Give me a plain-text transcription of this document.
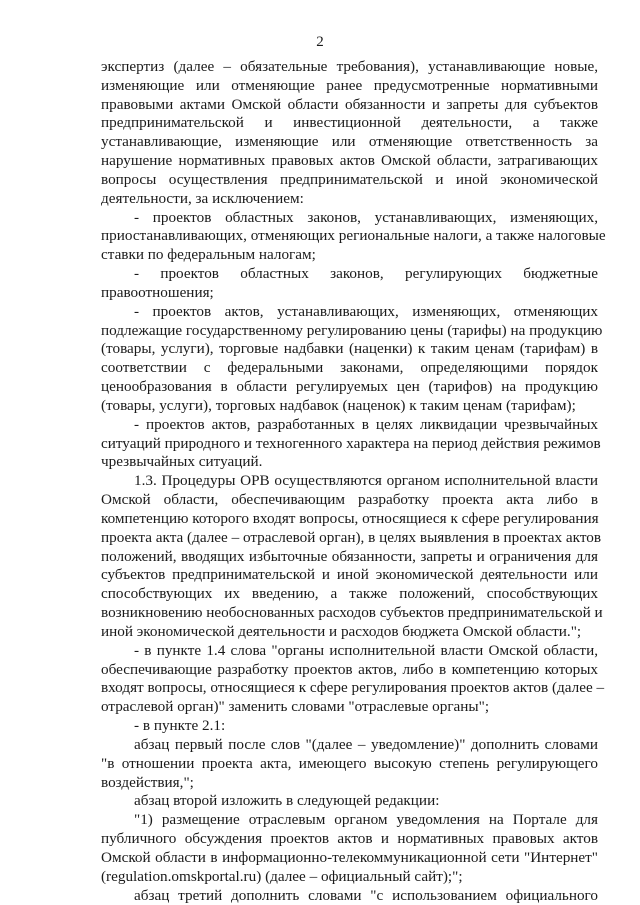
2
экспертиз (далее – обязательные требования), устанавливающие новые,
изменяющие или отменяющие ранее предусмотренные нормативными
правовыми актами Омской области обязанности и запреты для субъектов
предпринимательской и инвестиционной деятельности, а также
устанавливающие, изменяющие или отменяющие ответственность за
нарушение нормативных правовых актов Омской области, затрагивающих
вопросы осуществления предпринимательской и иной экономической
деятельности, за исключением:
- проектов областных законов, устанавливающих, изменяющих,
приостанавливающих, отменяющих региональные налоги, а также налоговые
ставки по федеральным налогам;
- проектов областных законов, регулирующих бюджетные
правоотношения;
- проектов актов, устанавливающих, изменяющих, отменяющих
подлежащие государственному регулированию цены (тарифы) на продукцию
(товары, услуги), торговые надбавки (наценки) к таким ценам (тарифам) в
соответствии с федеральными законами, определяющими порядок
ценообразования в области регулируемых цен (тарифов) на продукцию
(товары, услуги), торговых надбавок (наценок) к таким ценам (тарифам);
- проектов актов, разработанных в целях ликвидации чрезвычайных
ситуаций природного и техногенного характера на период действия режимов
чрезвычайных ситуаций.
1.3. Процедуры ОРВ осуществляются органом исполнительной власти
Омской области, обеспечивающим разработку проекта акта либо в
компетенцию которого входят вопросы, относящиеся к сфере регулирования
проекта акта (далее – отраслевой орган), в целях выявления в проектах актов
положений, вводящих избыточные обязанности, запреты и ограничения для
субъектов предпринимательской и иной экономической деятельности или
способствующих их введению, а также положений, способствующих
возникновению необоснованных расходов субъектов предпринимательской и
иной экономической деятельности и расходов бюджета Омской области.";
- в пункте 1.4 слова "органы исполнительной власти Омской области,
обеспечивающие разработку проектов актов, либо в компетенцию которых
входят вопросы, относящиеся к сфере регулирования проектов актов (далее –
отраслевой орган)" заменить словами "отраслевые органы";
- в пункте 2.1:
абзац первый после слов "(далее – уведомление)" дополнить словами
"в отношении проекта акта, имеющего высокую степень регулирующего
воздействия,";
абзац второй изложить в следующей редакции:
"1) размещение отраслевым органом уведомления на Портале для
публичного обсуждения проектов актов и нормативных правовых актов
Омской области в информационно-телекоммуникационной сети "Интернет"
(regulation.omskportal.ru) (далее – официальный сайт);";
абзац третий дополнить словами "с использованием официального
